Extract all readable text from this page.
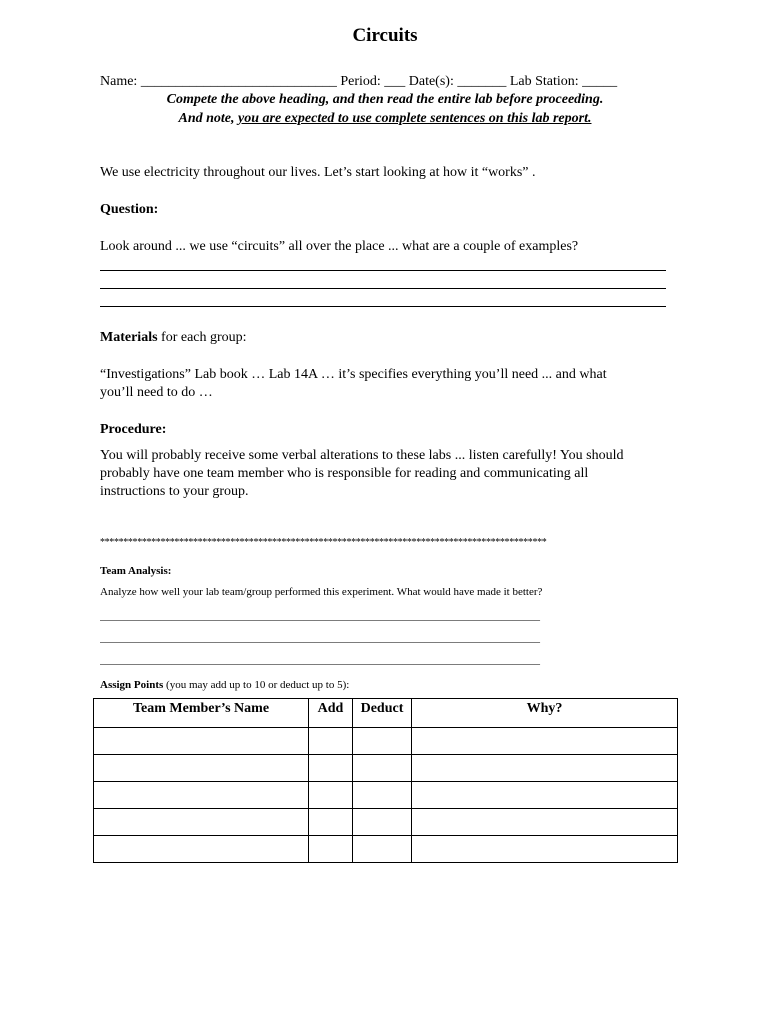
Circuits
Name: ____________________________ Period: ___ Date(s): _______ Lab Station: _____
Compete the above heading, and then read the entire lab before proceeding.
And note, you are expected to use complete sentences on this lab report.
We use electricity throughout our lives. Let’s start looking at how it “works” .
Question:
Look around ... we use “circuits” all over the place ... what are a couple of examples?
Materials for each group:
“Investigations” Lab book … Lab 14A … it’s specifies everything you’ll need ... and what
you’ll need to do …
Procedure:
You will probably receive some verbal alterations to these labs ... listen carefully! You should
probably have one team member who is responsible for reading and communicating all
instructions to your group.
************************************************************************************************
Team Analysis:
Analyze how well your lab team/group performed this experiment. What would have made it better?
________________________________________________________________________________
________________________________________________________________________________
________________________________________________________________________________
Assign Points (you may add up to 10 or deduct up to 5):
Team Member’s Name	Add	Deduct	Why?
